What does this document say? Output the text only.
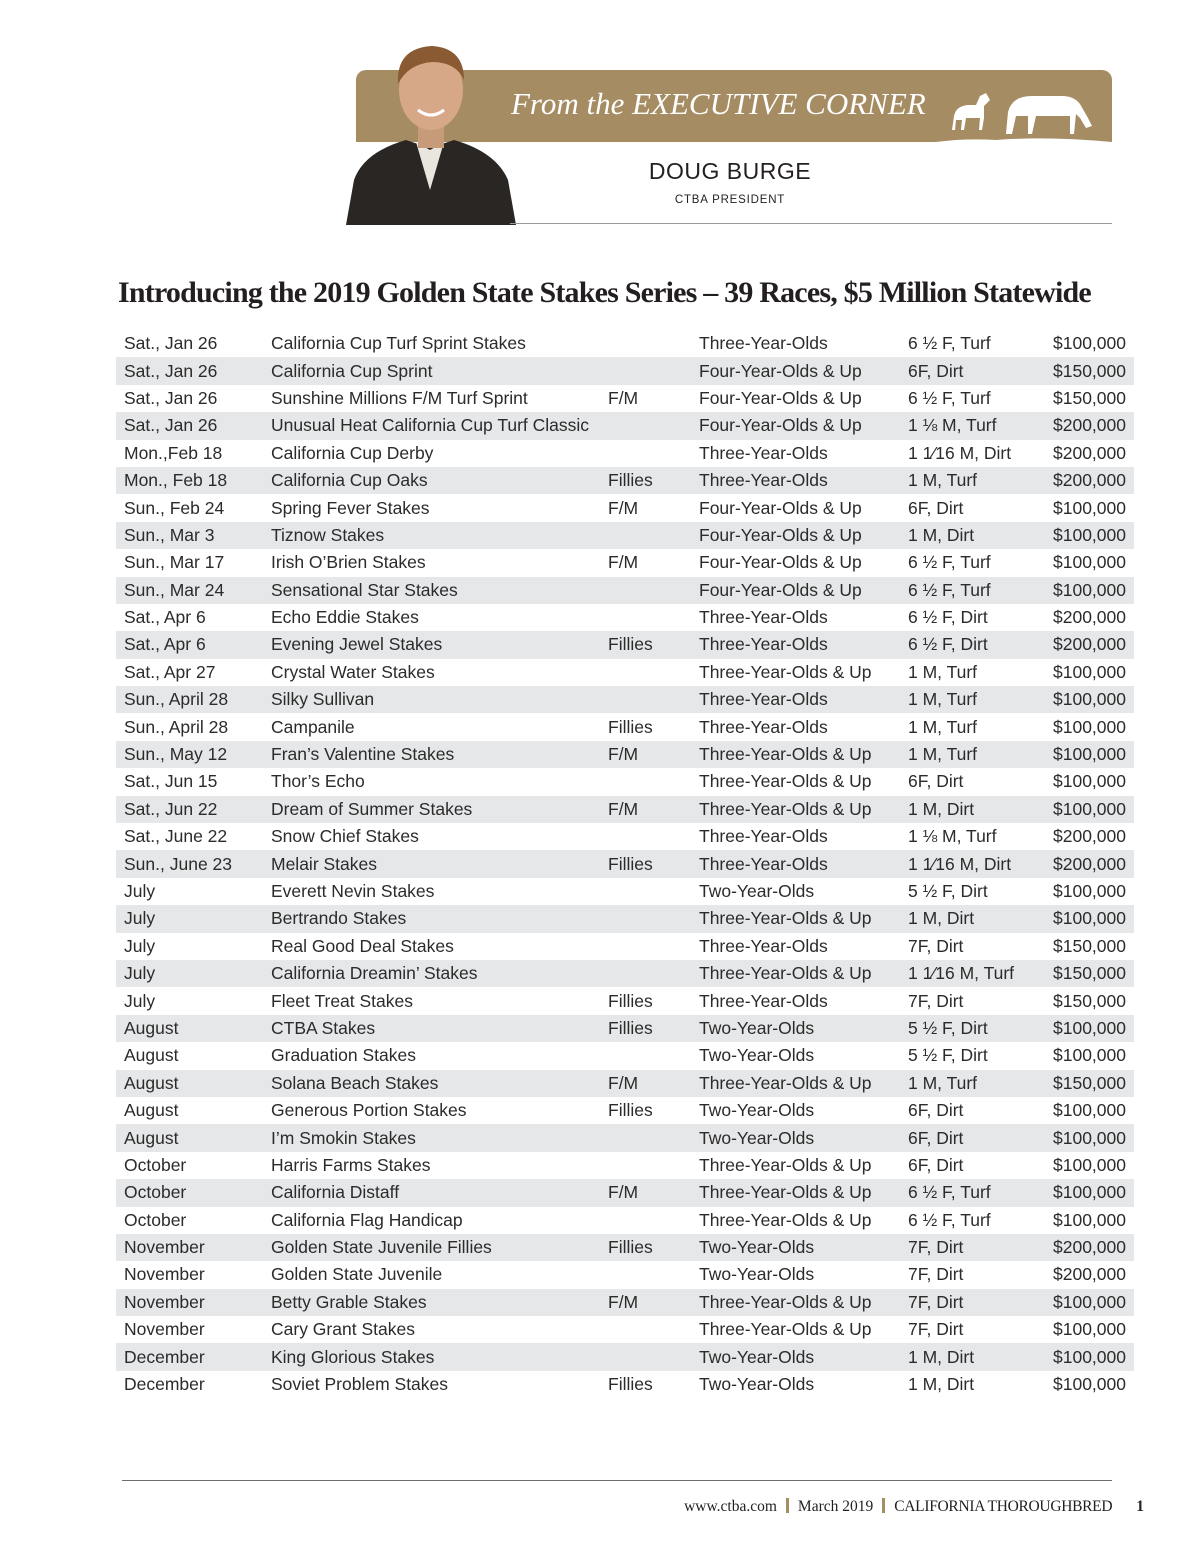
From the EXECUTIVE CORNER
DOUG BURGE
CTBA PRESIDENT
Introducing the 2019 Golden State Stakes Series – 39 Races, $5 Million Statewide
Sat., Jan 26	California Cup Turf Sprint Stakes		Three-Year-Olds	6 ½ F, Turf	$100,000
Sat., Jan 26	California Cup Sprint		Four-Year-Olds & Up	6F, Dirt	$150,000
Sat., Jan 26	Sunshine Millions F/M Turf Sprint	F/M	Four-Year-Olds & Up	6 ½ F, Turf	$150,000
Sat., Jan 26	Unusual Heat California Cup Turf Classic		Four-Year-Olds & Up	1 ⅛ M, Turf	$200,000
Mon.,Feb 18	California Cup Derby		Three-Year-Olds	1 1⁄16 M, Dirt	$200,000
Mon., Feb 18	California Cup Oaks	Fillies	Three-Year-Olds	1 M, Turf	$200,000
Sun., Feb 24	Spring Fever Stakes	F/M	Four-Year-Olds & Up	6F, Dirt	$100,000
Sun., Mar 3	Tiznow Stakes		Four-Year-Olds & Up	1 M, Dirt	$100,000
Sun., Mar 17	Irish O’Brien Stakes	F/M	Four-Year-Olds & Up	6 ½ F, Turf	$100,000
Sun., Mar 24	Sensational Star Stakes		Four-Year-Olds & Up	6 ½ F, Turf	$100,000
Sat., Apr 6	Echo Eddie Stakes		Three-Year-Olds	6 ½ F, Dirt	$200,000
Sat., Apr 6	Evening Jewel Stakes	Fillies	Three-Year-Olds	6 ½ F, Dirt	$200,000
Sat., Apr 27	Crystal Water Stakes		Three-Year-Olds & Up	1 M, Turf	$100,000
Sun., April 28	Silky Sullivan		Three-Year-Olds	1 M, Turf	$100,000
Sun., April 28	Campanile	Fillies	Three-Year-Olds	1 M, Turf	$100,000
Sun., May 12	Fran’s Valentine Stakes	F/M	Three-Year-Olds & Up	1 M, Turf	$100,000
Sat., Jun 15	Thor’s Echo		Three-Year-Olds & Up	6F, Dirt	$100,000
Sat., Jun 22	Dream of Summer Stakes	F/M	Three-Year-Olds & Up	1 M, Dirt	$100,000
Sat., June 22	Snow Chief Stakes		Three-Year-Olds	1 ⅛ M, Turf	$200,000
Sun., June 23	Melair Stakes	Fillies	Three-Year-Olds	1 1⁄16 M, Dirt	$200,000
July	Everett Nevin Stakes		Two-Year-Olds	5 ½ F, Dirt	$100,000
July	Bertrando Stakes		Three-Year-Olds & Up	1 M, Dirt	$100,000
July	Real Good Deal Stakes		Three-Year-Olds	7F, Dirt	$150,000
July	California Dreamin’ Stakes		Three-Year-Olds & Up	1 1⁄16 M, Turf	$150,000
July	Fleet Treat Stakes	Fillies	Three-Year-Olds	7F, Dirt	$150,000
August	CTBA Stakes	Fillies	Two-Year-Olds	5 ½ F, Dirt	$100,000
August	Graduation Stakes		Two-Year-Olds	5 ½ F, Dirt	$100,000
August	Solana Beach Stakes	F/M	Three-Year-Olds & Up	1 M, Turf	$150,000
August	Generous Portion Stakes	Fillies	Two-Year-Olds	6F, Dirt	$100,000
August	I’m Smokin Stakes		Two-Year-Olds	6F, Dirt	$100,000
October	Harris Farms Stakes		Three-Year-Olds & Up	6F, Dirt	$100,000
October	California Distaff	F/M	Three-Year-Olds & Up	6 ½ F, Turf	$100,000
October	California Flag Handicap		Three-Year-Olds & Up	6 ½ F, Turf	$100,000
November	Golden State Juvenile Fillies	Fillies	Two-Year-Olds	7F, Dirt	$200,000
November	Golden State Juvenile		Two-Year-Olds	7F, Dirt	$200,000
November	Betty Grable Stakes	F/M	Three-Year-Olds & Up	7F, Dirt	$100,000
November	Cary Grant Stakes		Three-Year-Olds & Up	7F, Dirt	$100,000
December	King Glorious Stakes		Two-Year-Olds	1 M, Dirt	$100,000
December	Soviet Problem Stakes	Fillies	Two-Year-Olds	1 M, Dirt	$100,000
www.ctba.com March 2019 CALIFORNIA THOROUGHBRED 1
